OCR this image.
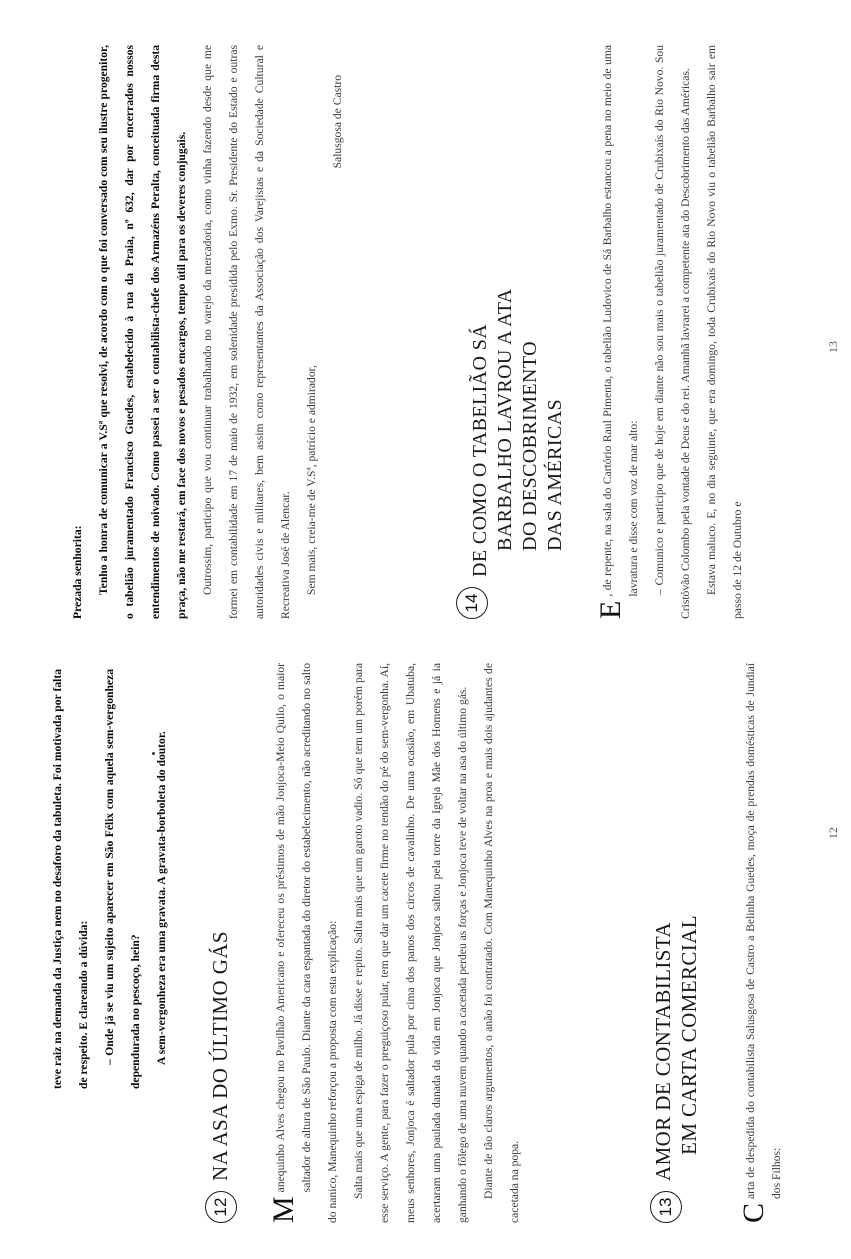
teve raiz na demanda da Justiça nem no desaforo da tabuleta. Foi motivada por falta de respeito. E clareando a dúvida:	– Onde já se viu um sujeito aparecer em São Félix com aquela sem-vergonheza dependurada no pescoço, hein?	A sem-vergonheza era uma gravata. A gravata-borboleta do doutor.

12
NA ASA DO ÚLTIMO GÁS

M
anequinho Alves chegou no Pavilhão Americano e ofereceu os préstimos de mão Jonjoca-Meio Quilo, o maior saltador de altura de São Paulo. Diante da cara espantada do diretor do estabelecimento, não acreditando no salto do nanico, Manequinho reforçou a proposta com esta explicação:	Salta mais que uma espiga de milho. Já disse e repito. Salta mais que um garoto vadio. Só que tem um porém para esse serviço. A gente, para fazer o preguiçoso pular, tem que dar um cacete firme no tendão do pé do sem-vergonha. Aí, meus senhores, Jonjoca é saltador pula por cima dos panos dos circos de cavalinho. De uma ocasião, em Ubatuba, acertaram uma paulada danada da vida em Jonjoca que Jonjoca saltou pela torre da Igreja Mãe dos Homens e já ia ganhando o fôlego de uma nuvem quando a cacetada perdeu as forças e Jonjoca teve de voltar na asa do último gás.	Diante de tão claros argumentos, o anão foi contratado. Com Manequinho Alves na proa e mais dois ajudantes de cacetada na popa.	13
AMOR DE CONTABILISTA EM CARTA COMERCIAL

C
arta de despedida do contabilista Salusgosa de Castro a Belinha Guedes, moça de prendas domésticas de Jundiaí dos Filhos:

12

Prezada senhorita:	Tenho a honra de comunicar a V.Sª que resolvi, de acordo com o que foi conversado com seu ilustre progenitor, o tabelião juramentado Francisco Guedes, estabelecido à rua da Praia, nº 632, dar por encerrados nossos entendimentos de noivado. Como passei a ser o contabilista-chefe dos Armazéns Peralta, conceituada firma desta praça, não me restará, em face dos novos e pesados encargos, tempo útil para os deveres conjugais.	Outrossim, participo que vou continuar trabalhando no varejo da mercadoria, como vinha fazendo desde que me formei em contabilidade em 17 de maio de 1932, em solenidade presidida pelo Exmo. Sr. Presidente do Estado e outras autoridades civis e militares, bem assim como representantes da Associação dos Varejistas e da Sociedade Cultural e Recreativa José de Alencar.	Sem mais, creia-me de V.Sª, patrício e admirador,

Salusgosa de Castro

14
DE COMO O TABELIÃO SÁ BARBALHO LAVROU A ATA DO DESCOBRIMENTO DAS AMÉRICAS

E
, de repente, na sala do Cartório Raul Pimenta, o tabelião Ludovico de Sá Barbalho estancou a pena no meio de uma lavratura e disse com voz de mar alto:	– Comunico e participo que de hoje em diante não sou mais o tabelião juramentado de Crubixaís do Rio Novo. Sou Cristóvão Colombo pela vontade de Deus e do rei. Amanhã lavrarei a competente ata do Descobrimento das Américas.	Estava maluco. E, no dia seguinte, que era domingo, toda Crubixaís do Rio Novo viu o tabelião Barbalho sair em passo de 12 de Outubro e

13
